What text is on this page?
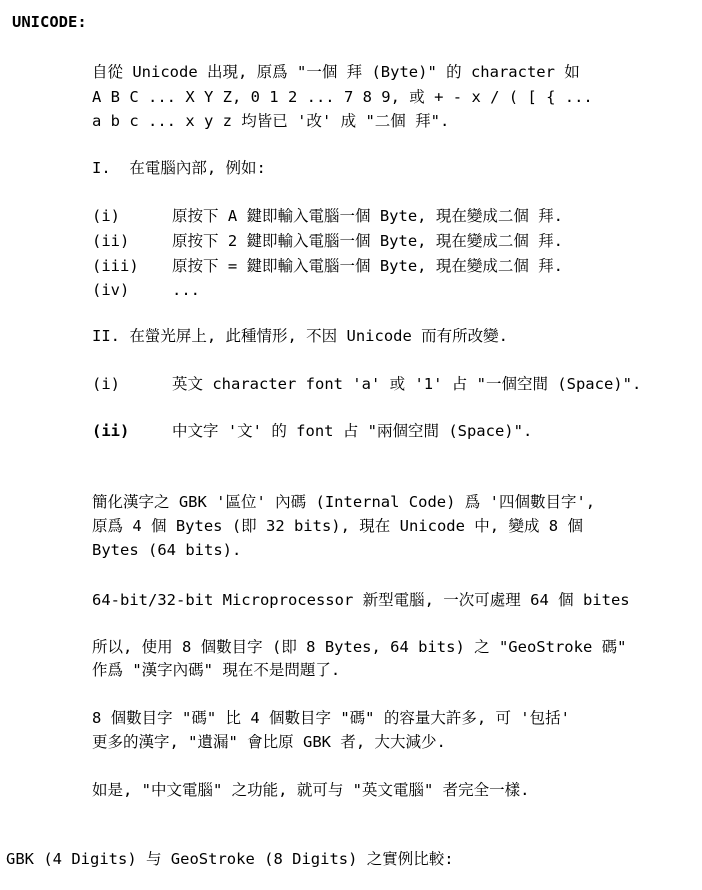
UNICODE:
自從 Unicode 出現, 原爲 "一個 拜 (Byte)" 的 character 如
A B C ... X Y Z, 0 1 2 ... 7 8 9, 或 + - x / ( [ { ...
a b c ... x y z 均皆已 '改' 成 "二個 拜".
I.  在電腦內部, 例如:
(i)	原按下 A 鍵即輸入電腦一個 Byte, 現在變成二個 拜.
(ii)	原按下 2 鍵即輸入電腦一個 Byte, 現在變成二個 拜.
(iii) 原按下 = 鍵即輸入電腦一個 Byte, 現在變成二個 拜.
(iv)	...
II. 在螢光屏上, 此種情形, 不因 Unicode 而有所改變.
(i)	英文 character font 'a' 或 '1' 占 "一個空間 (Space)".
(ii)	中文字 '文' 的 font 占 "兩個空間 (Space)".
簡化漢字之 GBK '區位' 內碼 (Internal Code) 爲 '四個數目字',
原爲 4 個 Bytes (即 32 bits), 現在 Unicode 中, 變成 8 個
Bytes (64 bits).
64-bit/32-bit Microprocessor 新型電腦, 一次可處理 64 個 bites
所以, 使用 8 個數目字 (即 8 Bytes, 64 bits) 之 "GeoStroke 碼"
作爲 "漢字內碼" 現在不是問題了.
8 個數目字 "碼" 比 4 個數目字 "碼" 的容量大許多, 可 '包括'
更多的漢字, "遺漏" 會比原 GBK 者, 大大減少.
如是, "中文電腦" 之功能, 就可与 "英文電腦" 者完全一樣.
GBK (4 Digits) 与 GeoStroke (8 Digits) 之實例比較:
